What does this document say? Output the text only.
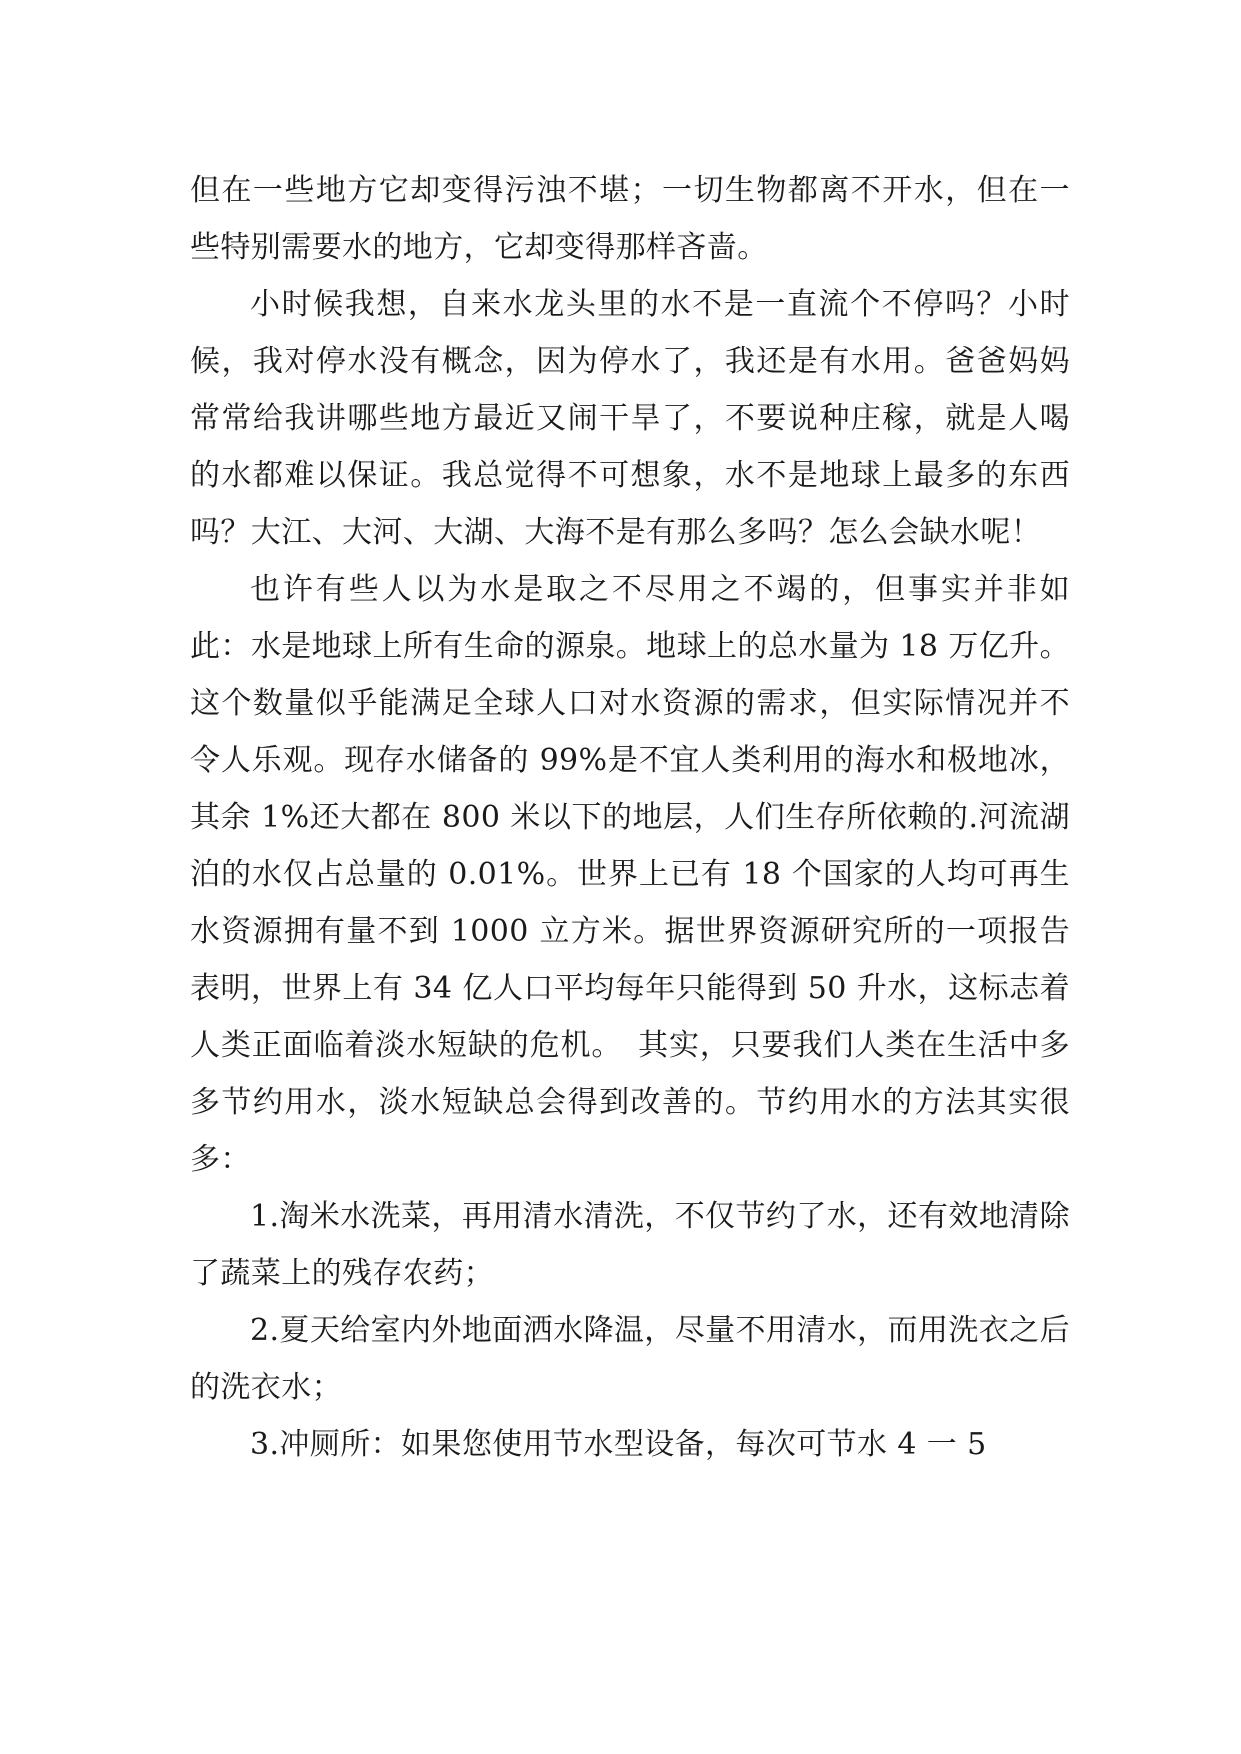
但在一些地方它却变得污浊不堪；一切生物都离不开水，但在一些特别需要水的地方，它却变得那样吝啬。

小时候我想，自来水龙头里的水不是一直流个不停吗？小时候，我对停水没有概念，因为停水了，我还是有水用。爸爸妈妈常常给我讲哪些地方最近又闹干旱了，不要说种庄稼，就是人喝的水都难以保证。我总觉得不可想象，水不是地球上最多的东西吗？大江、大河、大湖、大海不是有那么多吗？怎么会缺水呢！

也许有些人以为水是取之不尽用之不竭的，但事实并非如此：水是地球上所有生命的源泉。地球上的总水量为 18 万亿升。这个数量似乎能满足全球人口对水资源的需求，但实际情况并不令人乐观。现存水储备的 99%是不宜人类利用的海水和极地冰，其余 1%还大都在 800 米以下的地层，人们生存所依赖的.河流湖泊的水仅占总量的 0.01%。世界上已有 18 个国家的人均可再生水资源拥有量不到 1000 立方米。据世界资源研究所的一项报告表明，世界上有 34 亿人口平均每年只能得到 50 升水，这标志着人类正面临着淡水短缺的危机。　其实，只要我们人类在生活中多多节约用水，淡水短缺总会得到改善的。节约用水的方法其实很多：

1.淘米水洗菜，再用清水清洗，不仅节约了水，还有效地清除了蔬菜上的残存农药；

2.夏天给室内外地面洒水降温，尽量不用清水，而用洗衣之后的洗衣水；

3.冲厕所：如果您使用节水型设备，每次可节水 4 一 5
